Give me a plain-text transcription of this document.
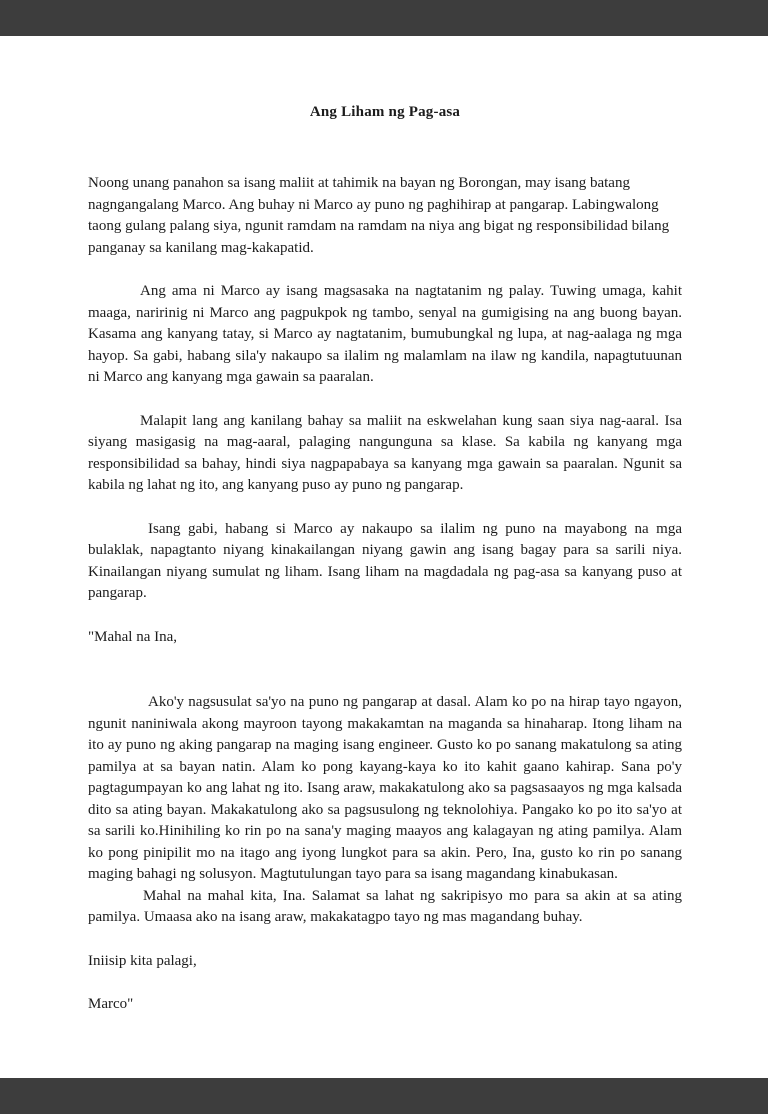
Ang Liham ng Pag-asa

Noong unang panahon sa isang maliit at tahimik na bayan ng Borongan, may isang batang nagngangalang Marco. Ang buhay ni Marco ay puno ng paghihirap at pangarap. Labingwalong taong gulang palang siya, ngunit ramdam na ramdam na niya ang bigat ng responsibilidad bilang panganay sa kanilang mag-kakapatid.

Ang ama ni Marco ay isang magsasaka na nagtatanim ng palay. Tuwing umaga, kahit maaga, naririnig ni Marco ang pagpukpok ng tambo, senyal na gumigising na ang buong bayan. Kasama ang kanyang tatay, si Marco ay nagtatanim, bumubungkal ng lupa, at nag-aalaga ng mga hayop. Sa gabi, habang sila'y nakaupo sa ilalim ng malamlam na ilaw ng kandila, napagtutuunan ni Marco ang kanyang mga gawain sa paaralan.

Malapit lang ang kanilang bahay sa maliit na eskwelahan kung saan siya nag-aaral. Isa siyang masigasig na mag-aaral, palaging nangunguna sa klase. Sa kabila ng kanyang mga responsibilidad sa bahay, hindi siya nagpapabaya sa kanyang mga gawain sa paaralan. Ngunit sa kabila ng lahat ng ito, ang kanyang puso ay puno ng pangarap.

Isang gabi, habang si Marco ay nakaupo sa ilalim ng puno na mayabong na mga bulaklak, napagtanto niyang kinakailangan niyang gawin ang isang bagay para sa sarili niya. Kinailangan niyang sumulat ng liham. Isang liham na magdadala ng pag-asa sa kanyang puso at pangarap.

"Mahal na Ina,

Ako'y nagsusulat sa'yo na puno ng pangarap at dasal. Alam ko po na hirap tayo ngayon, ngunit naniniwala akong mayroon tayong makakamtan na maganda sa hinaharap. Itong liham na ito ay puno ng aking pangarap na maging isang engineer. Gusto ko po sanang makatulong sa ating pamilya at sa bayan natin. Alam ko pong kayang-kaya ko ito kahit gaano kahirap. Sana po'y pagtagumpayan ko ang lahat ng ito. Isang araw, makakatulong ako sa pagsasaayos ng mga kalsada dito sa ating bayan. Makakatulong ako sa pagsusulong ng teknolohiya. Pangako ko po ito sa'yo at sa sarili ko.Hinihiling ko rin po na sana'y maging maayos ang kalagayan ng ating pamilya. Alam ko pong pinipilit mo na itago ang iyong lungkot para sa akin. Pero, Ina, gusto ko rin po sanang maging bahagi ng solusyon. Magtutulungan tayo para sa isang magandang kinabukasan.

Mahal na mahal kita, Ina. Salamat sa lahat ng sakripisyo mo para sa akin at sa ating pamilya. Umaasa ako na isang araw, makakatagpo tayo ng mas magandang buhay.

Iniisip kita palagi,

Marco"
